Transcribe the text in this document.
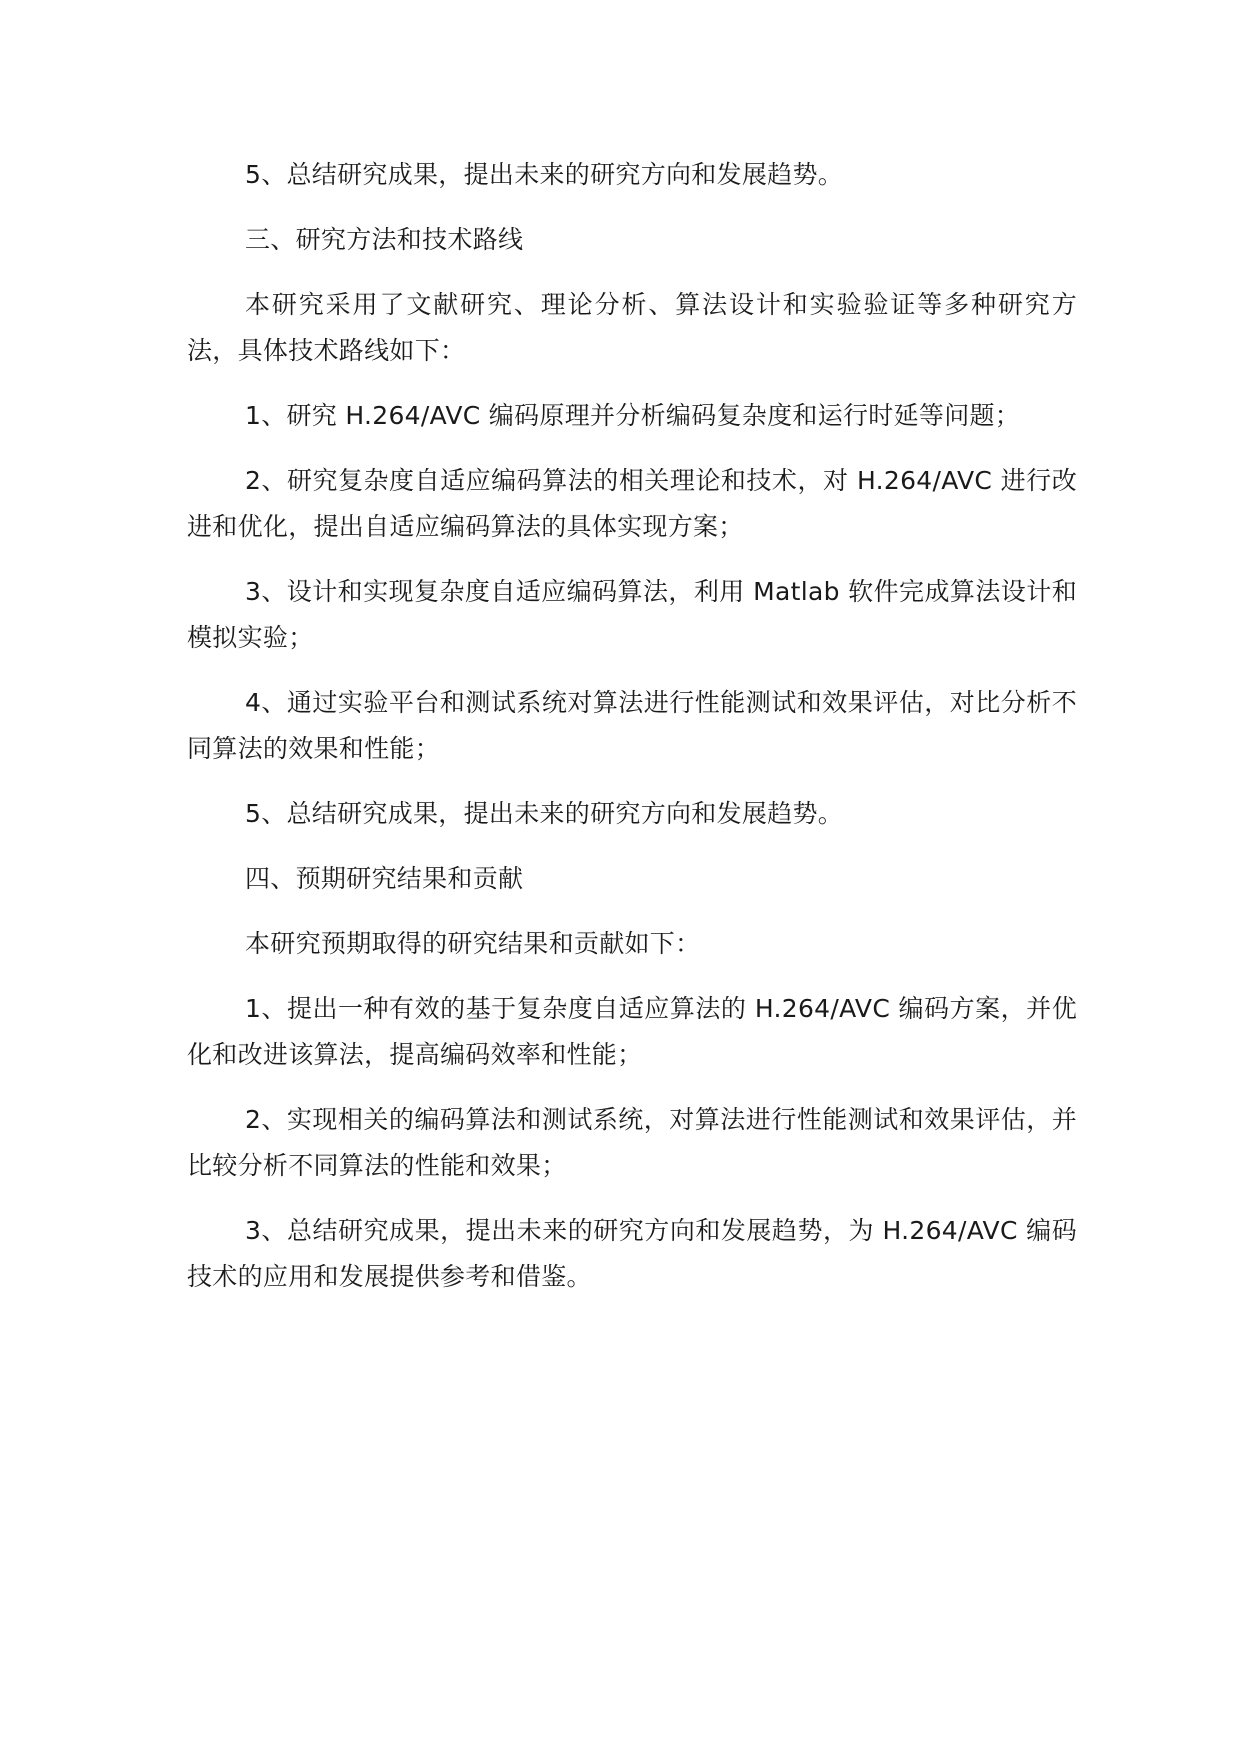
5、总结研究成果，提出未来的研究方向和发展趋势。

三、研究方法和技术路线

本研究采用了文献研究、理论分析、算法设计和实验验证等多种研究方法，具体技术路线如下：

1、研究 H.264/AVC 编码原理并分析编码复杂度和运行时延等问题；

2、研究复杂度自适应编码算法的相关理论和技术，对 H.264/AVC 进行改进和优化，提出自适应编码算法的具体实现方案；

3、设计和实现复杂度自适应编码算法，利用 Matlab 软件完成算法设计和模拟实验；

4、通过实验平台和测试系统对算法进行性能测试和效果评估，对比分析不同算法的效果和性能；

5、总结研究成果，提出未来的研究方向和发展趋势。

四、预期研究结果和贡献

本研究预期取得的研究结果和贡献如下：

1、提出一种有效的基于复杂度自适应算法的 H.264/AVC 编码方案，并优化和改进该算法，提高编码效率和性能；

2、实现相关的编码算法和测试系统，对算法进行性能测试和效果评估，并比较分析不同算法的性能和效果；

3、总结研究成果，提出未来的研究方向和发展趋势，为 H.264/AVC 编码技术的应用和发展提供参考和借鉴。
